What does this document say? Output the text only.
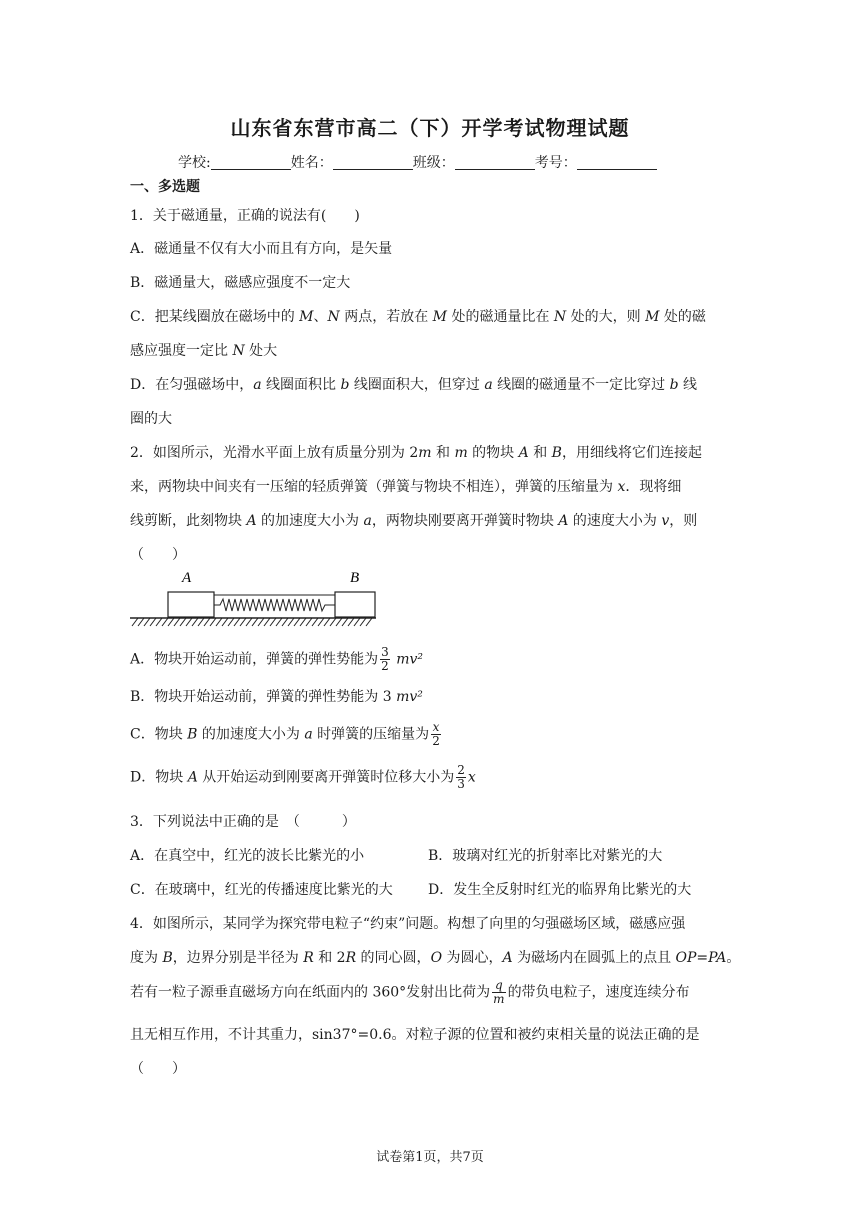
山东省东营市高二（下）开学考试物理试题
学校:	姓名：	班级：	考号：
一、多选题
1．关于磁通量，正确的说法有(　　)
A．磁通量不仅有大小而且有方向，是矢量
B．磁通量大，磁感应强度不一定大
C．把某线圈放在磁场中的 M、N 两点，若放在 M 处的磁通量比在 N 处的大，则 M 处的磁
感应强度一定比 N 处大
D．在匀强磁场中，a 线圈面积比 b 线圈面积大，但穿过 a 线圈的磁通量不一定比穿过 b 线
圈的大
2．如图所示，光滑水平面上放有质量分别为 2m 和 m 的物块 A 和 B，用细线将它们连接起
来，两物块中间夹有一压缩的轻质弹簧（弹簧与物块不相连），弹簧的压缩量为 x．现将细
线剪断，此刻物块 A 的加速度大小为 a，两物块刚要离开弹簧时物块 A 的速度大小为 v，则
（　　）
A	B
A．物块开始运动前，弹簧的弹性势能为 $\frac{3}{2} mv^2$
B．物块开始运动前，弹簧的弹性势能为 3 mv²
C．物块 B 的加速度大小为 a 时弹簧的压缩量为 $\frac{x}{2}$
D．物块 A 从开始运动到刚要离开弹簧时位移大小为 $\frac{2}{3}$ x
3．下列说法中正确的是　（　　　）
A．在真空中，红光的波长比紫光的小	B．玻璃对红光的折射率比对紫光的大
C．在玻璃中，红光的传播速度比紫光的大	D．发生全反射时红光的临界角比紫光的大
4．如图所示，某同学为探究带电粒子“约束”问题。构想了向里的匀强磁场区域，磁感应强
度为 B，边界分别是半径为 R 和 2R 的同心圆，O 为圆心，A 为磁场内在圆弧上的点且 OP=PA。
若有一粒子源垂直磁场方向在纸面内的 360°发射出比荷为 $\frac{q}{m}$ 的带负电粒子，速度连续分布
且无相互作用，不计其重力，sin37°=0.6。对粒子源的位置和被约束相关量的说法正确的是
（　　）
试卷第1页，共7页
